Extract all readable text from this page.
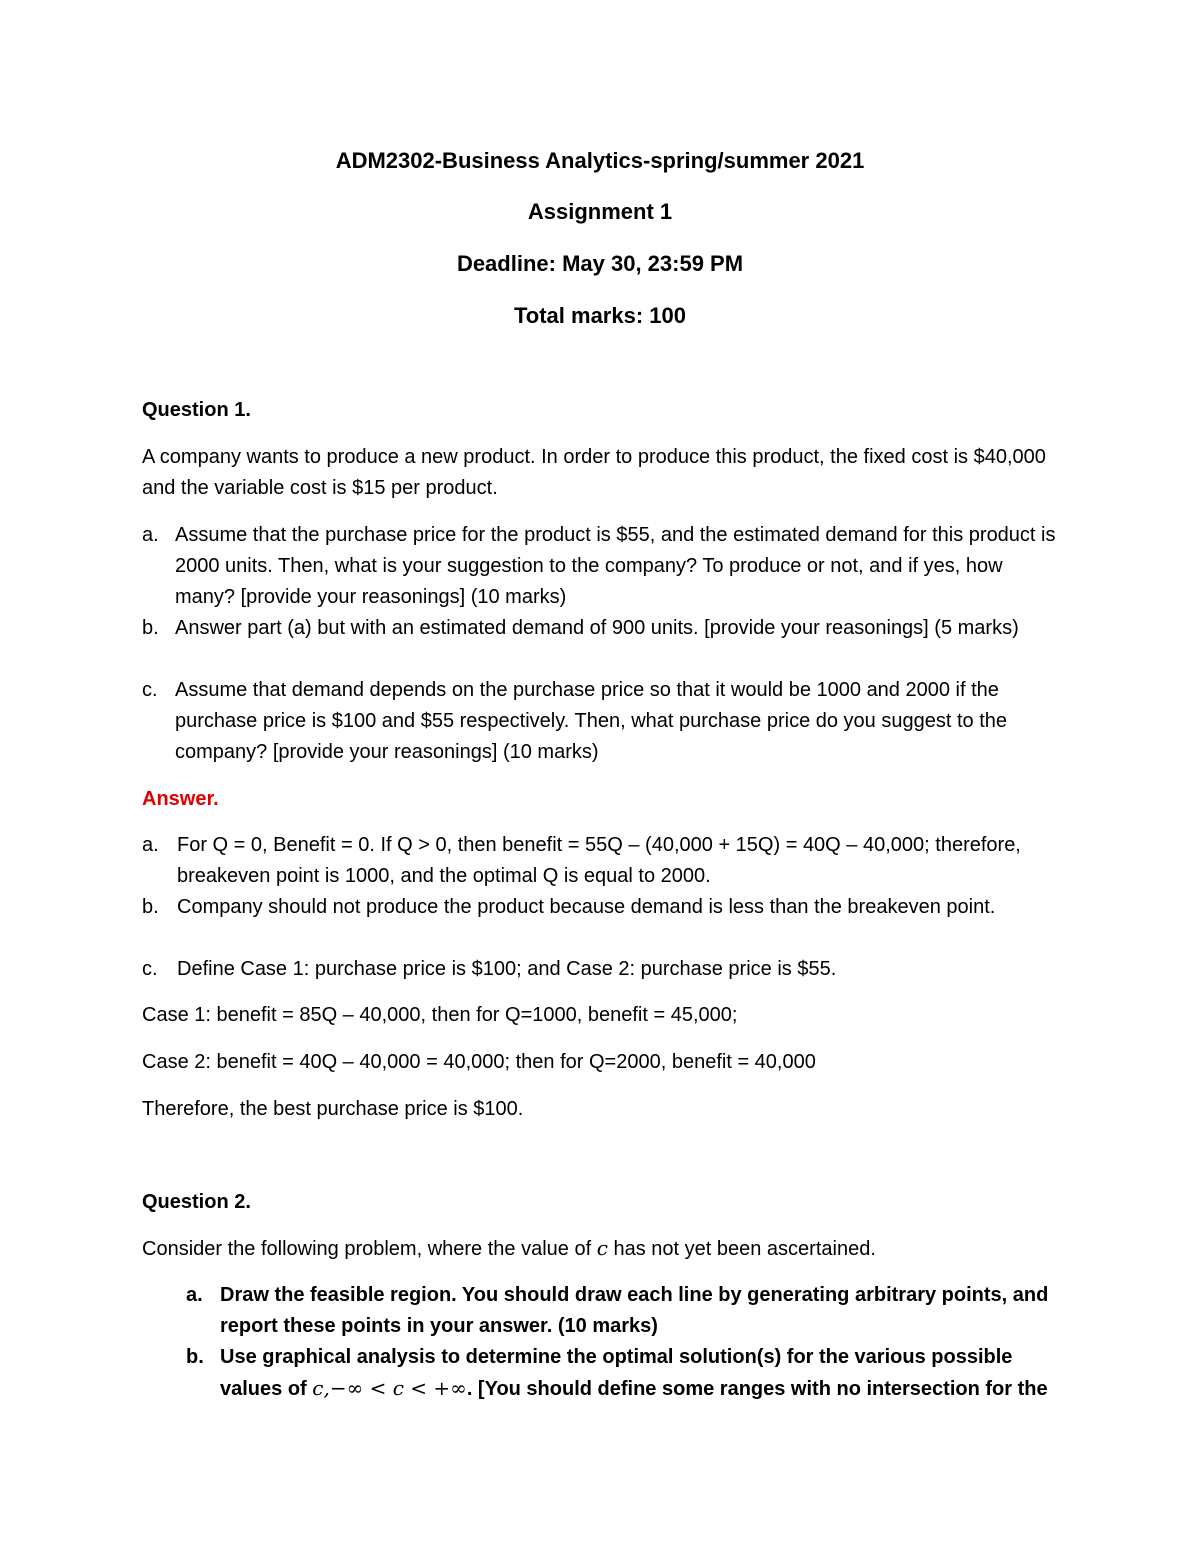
ADM2302-Business Analytics-spring/summer 2021
Assignment 1
Deadline: May 30, 23:59 PM
Total marks: 100
Question 1.
A company wants to produce a new product. In order to produce this product, the fixed cost is $40,000 and the variable cost is $15 per product.
a. Assume that the purchase price for the product is $55, and the estimated demand for this product is 2000 units. Then, what is your suggestion to the company? To produce or not, and if yes, how many? [provide your reasonings] (10 marks)
b. Answer part (a) but with an estimated demand of 900 units. [provide your reasonings] (5 marks)
c. Assume that demand depends on the purchase price so that it would be 1000 and 2000 if the purchase price is $100 and $55 respectively. Then, what purchase price do you suggest to the company? [provide your reasonings] (10 marks)
Answer.
a. For Q = 0, Benefit = 0. If Q > 0, then benefit = 55Q – (40,000 + 15Q) = 40Q – 40,000; therefore, breakeven point is 1000, and the optimal Q is equal to 2000.
b. Company should not produce the product because demand is less than the breakeven point.
c. Define Case 1: purchase price is $100; and Case 2: purchase price is $55.
Case 1: benefit = 85Q – 40,000, then for Q=1000, benefit = 45,000;
Case 2: benefit = 40Q – 40,000 = 40,000; then for Q=2000, benefit = 40,000
Therefore, the best purchase price is $100.
Question 2.
Consider the following problem, where the value of c has not yet been ascertained.
a. Draw the feasible region. You should draw each line by generating arbitrary points, and report these points in your answer. (10 marks)
b. Use graphical analysis to determine the optimal solution(s) for the various possible values of c,−∞ < c < +∞. [You should define some ranges with no intersection for the
